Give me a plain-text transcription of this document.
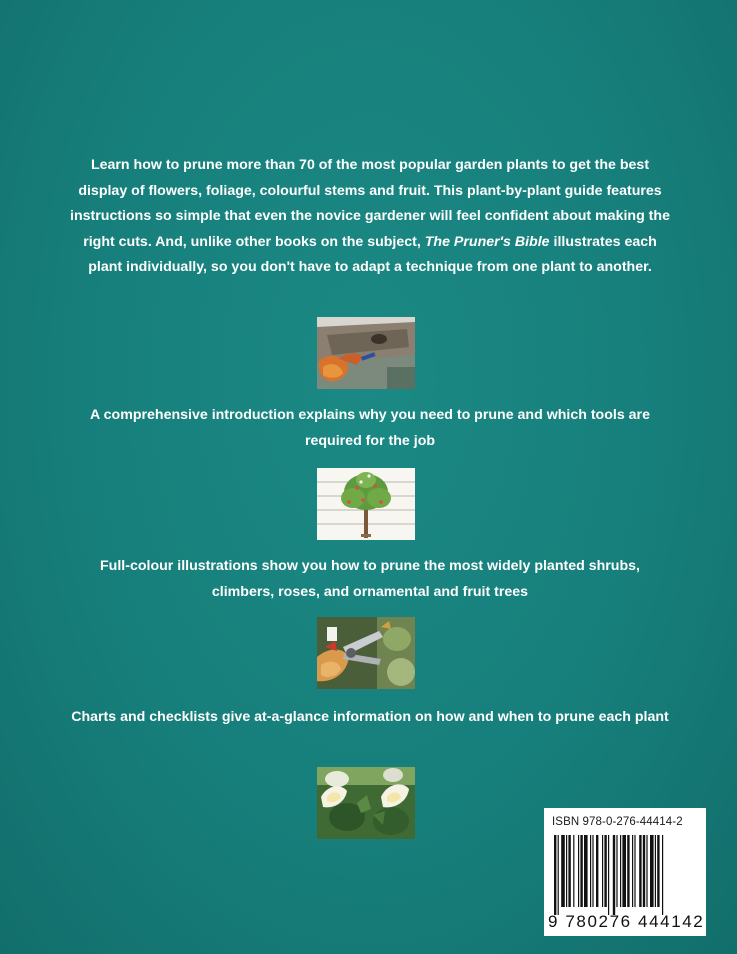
Learn how to prune more than 70 of the most popular garden plants to get the best display of flowers, foliage, colourful stems and fruit. This plant-by-plant guide features instructions so simple that even the novice gardener will feel confident about making the right cuts. And, unlike other books on the subject, The Pruner's Bible illustrates each plant individually, so you don't have to adapt a technique from one plant to another.

A comprehensive introduction explains why you need to prune and which tools are required for the job

Full-colour illustrations show you how to prune the most widely planted shrubs, climbers, roses, and ornamental and fruit trees

Charts and checklists give at-a-glance information on how and when to prune each plant

ISBN 978-0-276-44414-2
9 780276 444142
